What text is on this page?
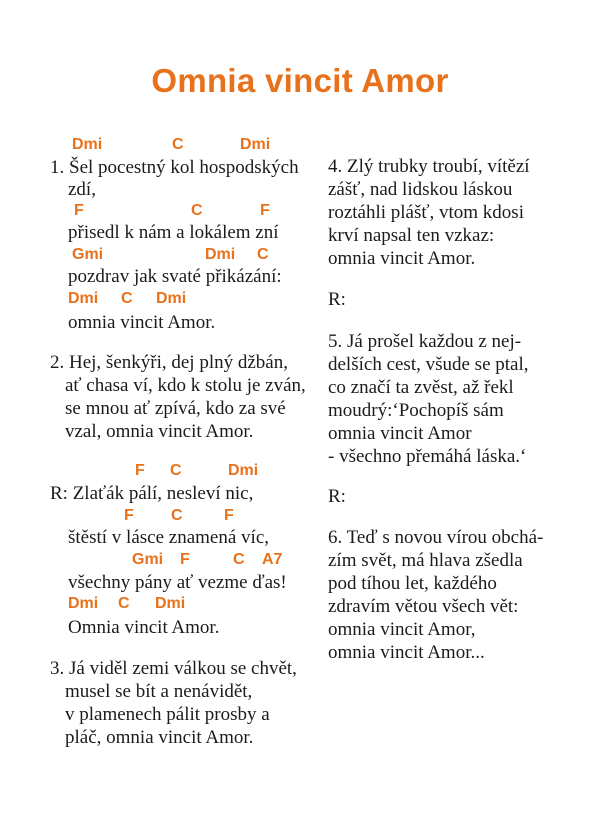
Omnia vincit Amor
Dmi	C	Dmi
1. Šel pocestný kol hospodských
zdí,
F	C	F
přisedl k nám a lokálem zní
Gmi	Dmi C
pozdrav jak svaté přikázání:
Dmi C Dmi
omnia vincit Amor.
2. Hej, šenkýři, dej plný džbán,
ať chasa ví, kdo k stolu je zván,
se mnou ať zpívá, kdo za své
vzal, omnia vincit Amor.
F C	Dmi
R: Zlaťák pálí, nesleví nic,
F C	F
štěstí v lásce znamená víc,
Gmi F	C A7
všechny pány ať vezme ďas!
Dmi C Dmi
Omnia vincit Amor.
3. Já viděl zemi válkou se chvět,
musel se bít a nenávidět,
v plamenech pálit prosby a
pláč, omnia vincit Amor.
4. Zlý trubky troubí, vítězí
zášť, nad lidskou láskou
roztáhli plášť, vtom kdosi
krví napsal ten vzkaz:
omnia vincit Amor.
R:
5. Já prošel každou z nej-
delších cest, všude se ptal,
co značí ta zvěst, až řekl
moudrý:‘Pochopíš sám
omnia vincit Amor
- všechno přemáhá láska.‘
R:
6. Teď s novou vírou obchá-
zím svět, má hlava zšedla
pod tíhou let, každého
zdravím větou všech vět:
omnia vincit Amor,
omnia vincit Amor...
